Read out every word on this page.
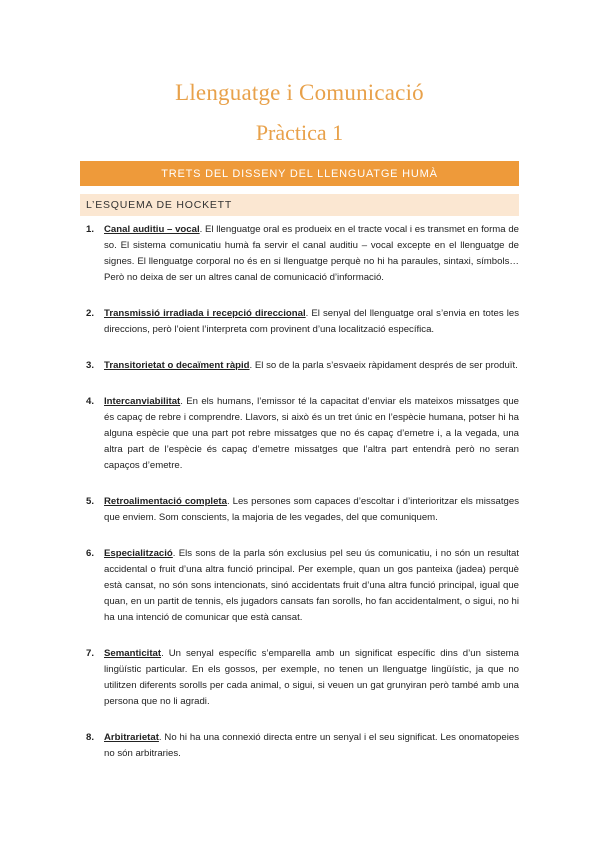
Llenguatge i Comunicació
Pràctica 1
TRETS DEL DISSENY DEL LLENGUATGE HUMÀ
L’ESQUEMA DE HOCKETT
1. Canal auditiu – vocal. El llenguatge oral es produeix en el tracte vocal i es transmet en forma de so. El sistema comunicatiu humà fa servir el canal auditiu – vocal excepte en el llenguatge de signes. El llenguatge corporal no és en si llenguatge perquè no hi ha paraules, sintaxi, símbols… Però no deixa de ser un altres canal de comunicació d’informació.
2. Transmissió irradiada i recepció direccional. El senyal del llenguatge oral s’envia en totes les direccions, però l’oient l’interpreta com provinent d’una localització específica.
3. Transitorietat o decaïment ràpid. El so de la parla s’esvaeix ràpidament després de ser produït.
4. Intercanviabilitat. En els humans, l’emissor té la capacitat d’enviar els mateixos missatges que és capaç de rebre i comprendre. Llavors, si això és un tret únic en l’espècie humana, potser hi ha alguna espècie que una part pot rebre missatges que no és capaç d’emetre i, a la vegada, una altra part de l’espècie és capaç d’emetre missatges que l’altra part entendrà però no seran capaços d’emetre.
5. Retroalimentació completa. Les persones som capaces d’escoltar i d’interioritzar els missatges que enviem. Som conscients, la majoria de les vegades, del que comuniquem.
6. Especialització. Els sons de la parla són exclusius pel seu ús comunicatiu, i no són un resultat accidental o fruit d’una altra funció principal. Per exemple, quan un gos panteixa (jadea) perquè està cansat, no són sons intencionats, sinó accidentats fruit d’una altra funció principal, igual que quan, en un partit de tennis, els jugadors cansats fan sorolls, ho fan accidentalment, o sigui, no hi ha una intenció de comunicar que està cansat.
7. Semanticitat. Un senyal específic s’emparella amb un significat específic dins d’un sistema lingüístic particular. En els gossos, per exemple, no tenen un llenguatge lingüístic, ja que no utilitzen diferents sorolls per cada animal, o sigui, si veuen un gat grunyiran però també amb una persona que no li agradi.
8. Arbitrarietat. No hi ha una connexió directa entre un senyal i el seu significat. Les onomatopeies no són arbitraries.
